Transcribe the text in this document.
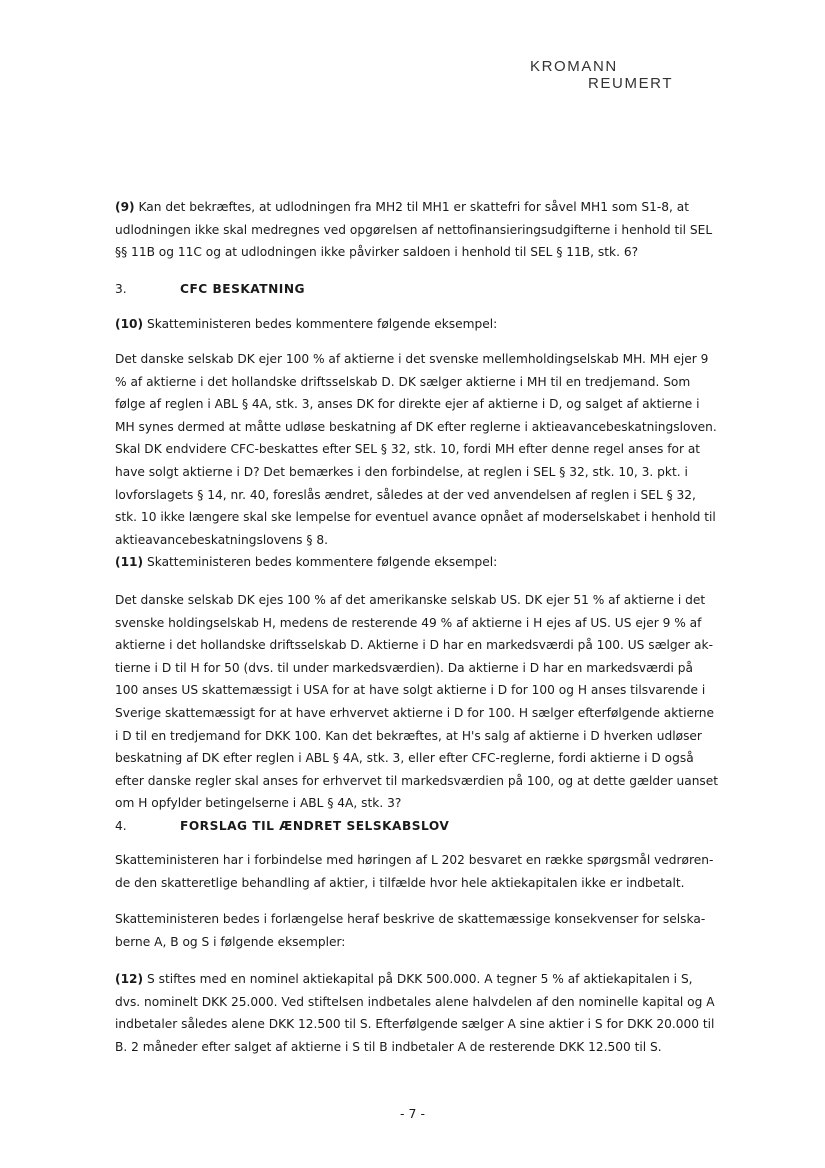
KROMANN
REUMERT
(9) Kan det bekræftes, at udlodningen fra MH2 til MH1 er skattefri for såvel MH1 som S1-8, at
udlodningen ikke skal medregnes ved opgørelsen af nettofinansieringsudgifterne i henhold til SEL
§§ 11B og 11C og at udlodningen ikke påvirker saldoen i henhold til SEL § 11B, stk. 6?
3.	CFC BESKATNING
(10) Skatteministeren bedes kommentere følgende eksempel:
Det danske selskab DK ejer 100 % af aktierne i det svenske mellemholdingselskab MH. MH ejer 9
% af aktierne i det hollandske driftsselskab D. DK sælger aktierne i MH til en tredjemand. Som
følge af reglen i ABL § 4A, stk. 3, anses DK for direkte ejer af aktierne i D, og salget af aktierne i
MH synes dermed at måtte udløse beskatning af DK efter reglerne i aktieavancebeskatningsloven.
Skal DK endvidere CFC-beskattes efter SEL § 32, stk. 10, fordi MH efter denne regel anses for at
have solgt aktierne i D? Det bemærkes i den forbindelse, at reglen i SEL § 32, stk. 10, 3. pkt. i
lovforslagets § 14, nr. 40, foreslås ændret, således at der ved anvendelsen af reglen i SEL § 32,
stk. 10 ikke længere skal ske lempelse for eventuel avance opnået af moderselskabet i henhold til
aktieavancebeskatningslovens § 8.
(11) Skatteministeren bedes kommentere følgende eksempel:
Det danske selskab DK ejes 100 % af det amerikanske selskab US. DK ejer 51 % af aktierne i det
svenske holdingselskab H, medens de resterende 49 % af aktierne i H ejes af US. US ejer 9 % af
aktierne i det hollandske driftsselskab D. Aktierne i D har en markedsværdi på 100. US sælger ak-
tierne i D til H for 50 (dvs. til under markedsværdien). Da aktierne i D har en markedsværdi på
100 anses US skattemæssigt i USA for at have solgt aktierne i D for 100 og H anses tilsvarende i
Sverige skattemæssigt for at have erhvervet aktierne i D for 100. H sælger efterfølgende aktierne
i D til en tredjemand for DKK 100. Kan det bekræftes, at H's salg af aktierne i D hverken udløser
beskatning af DK efter reglen i ABL § 4A, stk. 3, eller efter CFC-reglerne, fordi aktierne i D også
efter danske regler skal anses for erhvervet til markedsværdien på 100, og at dette gælder uanset
om H opfylder betingelserne i ABL § 4A, stk. 3?
4.	FORSLAG TIL ÆNDRET SELSKABSLOV
Skatteministeren har i forbindelse med høringen af L 202 besvaret en række spørgsmål vedrøren-
de den skatteretlige behandling af aktier, i tilfælde hvor hele aktiekapitalen ikke er indbetalt.
Skatteministeren bedes i forlængelse heraf beskrive de skattemæssige konsekvenser for selska-
berne A, B og S i følgende eksempler:
(12) S stiftes med en nominel aktiekapital på DKK 500.000. A tegner 5 % af aktiekapitalen i S,
dvs. nominelt DKK 25.000. Ved stiftelsen indbetales alene halvdelen af den nominelle kapital og A
indbetaler således alene DKK 12.500 til S. Efterfølgende sælger A sine aktier i S for DKK 20.000 til
B. 2 måneder efter salget af aktierne i S til B indbetaler A de resterende DKK 12.500 til S.
- 7 -
